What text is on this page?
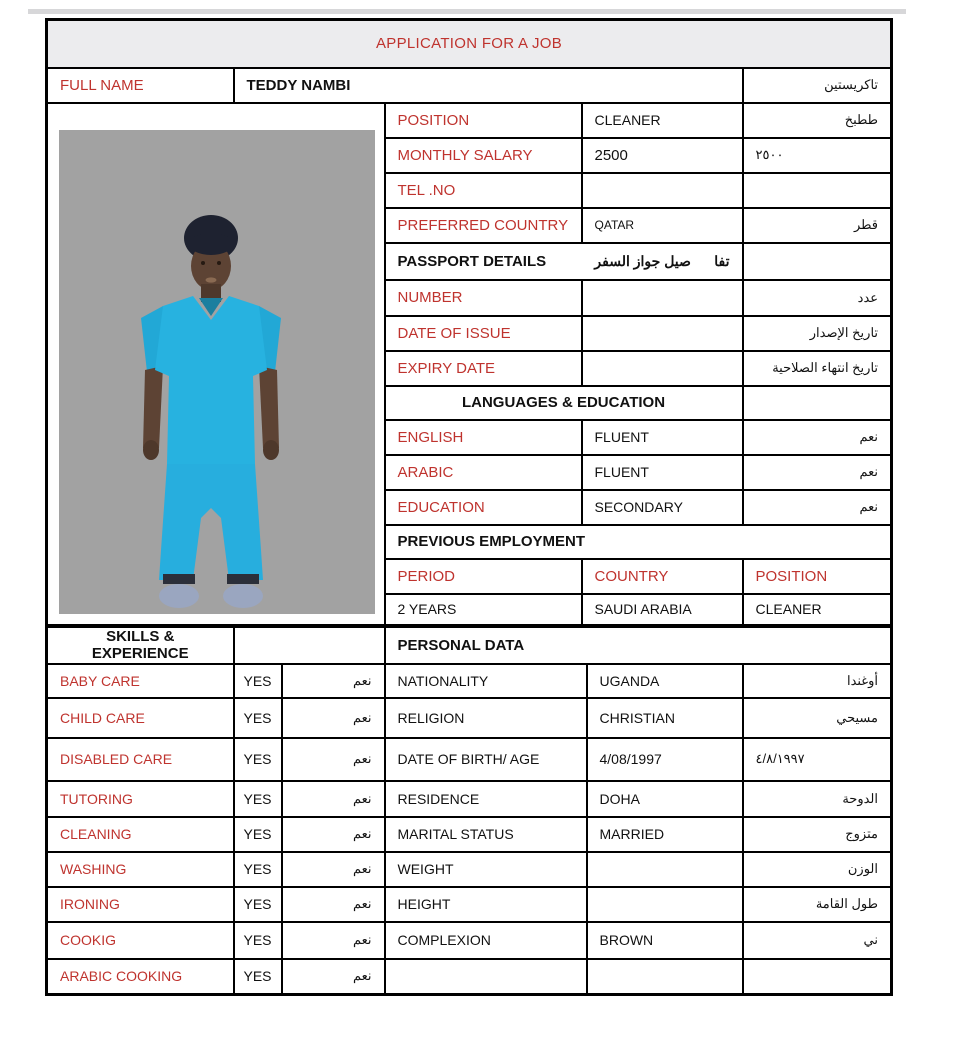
APPLICATION FOR A JOB				
FULL NAME	TEDDY NAMBI			تاكريستين

	POSITION	CLEANER	ططبخ
		MONTHLY SALARY	2500	٢٥٠٠
		TEL .NO		
		PREFERRED COUNTRY	QATAR	قطر

		PASSPORT DETAILS تفا      صيل جواز السفر		

		NUMBER		عدد
		DATE OF ISSUE		تاريخ الإصدار
		EXPIRY DATE		تاريخ انتهاء الصلاحية
		LANGUAGES & EDUCATION		
		ENGLISH	FLUENT	نعم
		ARABIC	FLUENT	نعم
		EDUCATION	SECONDARY	نعم
		PREVIOUS EMPLOYMENT		
		PERIOD	COUNTRY	POSITION
		2 YEARS	SAUDI ARABIA	CLEANER
SKILLS & EXPERIENCE			PERSONAL DATA		
BABY CARE	YES	نعم	NATIONALITY	UGANDA	أوغندا
CHILD CARE	YES	نعم	RELIGION	CHRISTIAN	مسيحي
DISABLED CARE	YES	نعم	DATE OF BIRTH/ AGE	4/08/1997	٤/٨/١٩٩٧
TUTORING	YES	نعم	RESIDENCE	DOHA	الدوحة
CLEANING	YES	نعم	MARITAL STATUS	MARRIED	متزوج
WASHING	YES	نعم	WEIGHT		الوزن
IRONING	YES	نعم	HEIGHT		طول القامة
COOKIG	YES	نعم	COMPLEXION	BROWN	ني
ARABIC COOKING	YES	نعم			
